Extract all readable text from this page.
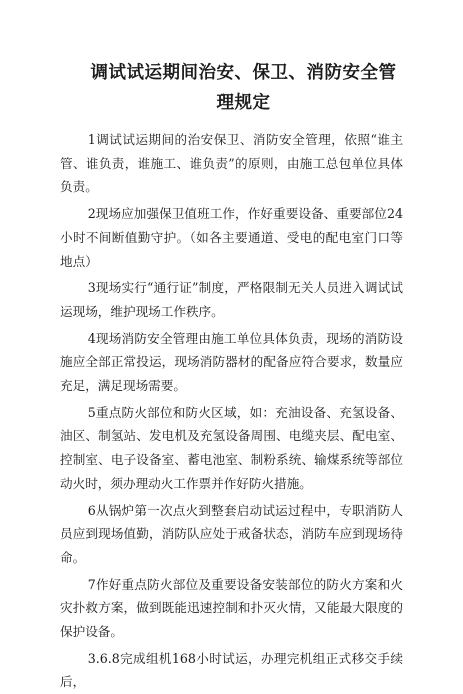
调试试运期间治安、保卫、消防安全管理规定

1调试试运期间的治安保卫、消防安全管理，依照“谁主管、谁负责，谁施工、谁负责”的原则，由施工总包单位具体负责。

2现场应加强保卫值班工作，作好重要设备、重要部位24小时不间断值勤守护。（如各主要通道、受电的配电室门口等地点）

3现场实行“通行证”制度，严格限制无关人员进入调试试运现场，维护现场工作秩序。

4现场消防安全管理由施工单位具体负责，现场的消防设施应全部正常投运，现场消防器材的配备应符合要求，数量应充足，满足现场需要。

5重点防火部位和防火区域，如：充油设备、充氢设备、油区、制氢站、发电机及充氢设备周围、电缆夹层、配电室、控制室、电子设备室、蓄电池室、制粉系统、输煤系统等部位动火时，须办理动火工作票并作好防火措施。

6从锅炉第一次点火到整套启动试运过程中，专职消防人员应到现场值勤，消防队应处于戒备状态，消防车应到现场待命。

7作好重点防火部位及重要设备安装部位的防火方案和火灾扑救方案，做到既能迅速控制和扑灭火情，又能最大限度的保护设备。

3.6.8完成组机168小时试运，办理完机组正式移交手续后，
